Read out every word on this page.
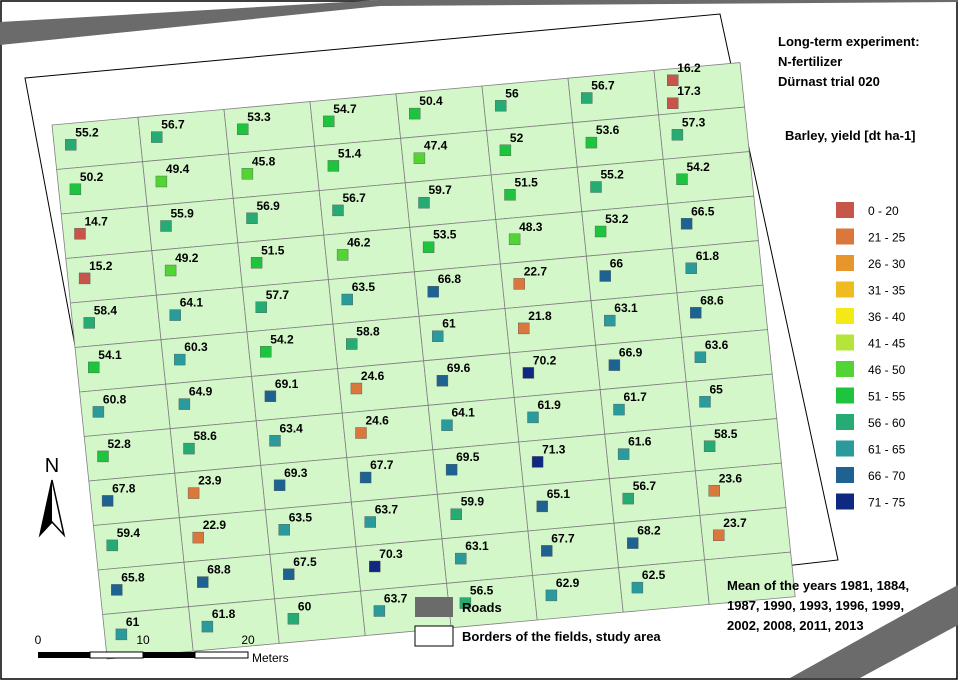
55.2
56.7
53.3
54.7
50.4
56
56.7
16.2
17.3
50.2
49.4
45.8
51.4
47.4
52
53.6
57.3
14.7
55.9
56.9
56.7
59.7
51.5
55.2
54.2
15.2
49.2
51.5
46.2
53.5
48.3
53.2
66.5
58.4
64.1
57.7
63.5
66.8
22.7
66
61.8
54.1
60.3
54.2
58.8
61
21.8
63.1
68.6
60.8
64.9
69.1
24.6
69.6
70.2
66.9
63.6
52.8
58.6
63.4
24.6
64.1
61.9
61.7
65
67.8
23.9
69.3
67.7
69.5
71.3
61.6
58.5
59.4
22.9
63.5
63.7
59.9
65.1
56.7
23.6
65.8
68.8
67.5
70.3
63.1
67.7
68.2
23.7
61
61.8
60
63.7
56.5
62.9
62.5
Long-term experiment:
N-fertilizer
Dürnast trial 020
Barley, yield [dt ha-1]
0 - 20
21 - 25
26 - 30
31 - 35
36 - 40
41 - 45
46 - 50
51 - 55
56 - 60
61 - 65
66 - 70
71 - 75
Mean of the years 1981, 1884,
1987, 1990, 1993, 1996, 1999,
2002, 2008, 2011, 2013
Roads
Borders of the fields, study area
N
0	10	20
Meters
